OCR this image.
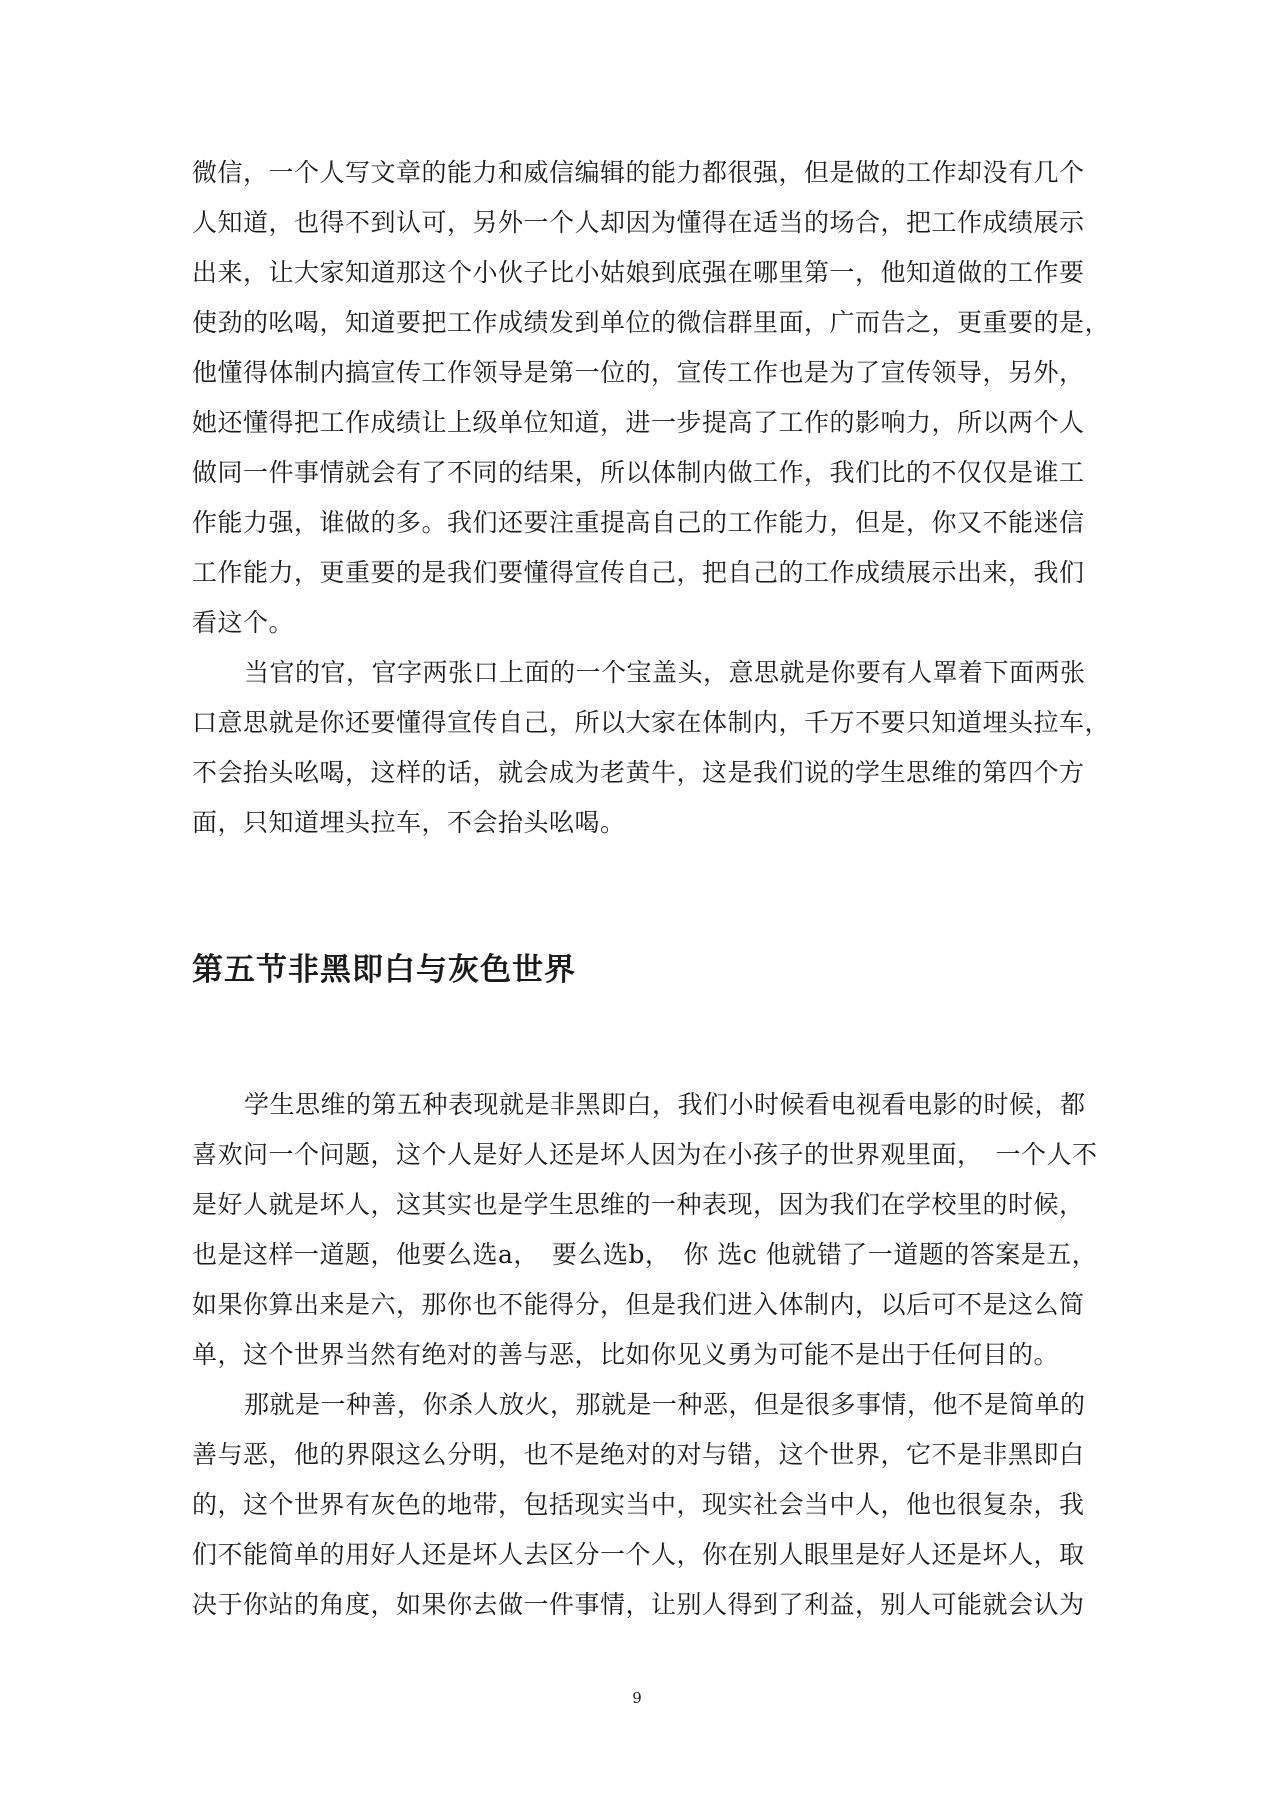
微信，一个人写文章的能力和威信编辑的能力都很强，但是做的工作却没有几个
人知道，也得不到认可，另外一个人却因为懂得在适当的场合，把工作成绩展示
出来，让大家知道那这个小伙子比小姑娘到底强在哪里第一，他知道做的工作要
使劲的吆喝，知道要把工作成绩发到单位的微信群里面，广而告之，更重要的是，
他懂得体制内搞宣传工作领导是第一位的，宣传工作也是为了宣传领导，另外，
她还懂得把工作成绩让上级单位知道，进一步提高了工作的影响力，所以两个人
做同一件事情就会有了不同的结果，所以体制内做工作，我们比的不仅仅是谁工
作能力强，谁做的多。我们还要注重提高自己的工作能力，但是，你又不能迷信
工作能力，更重要的是我们要懂得宣传自己，把自己的工作成绩展示出来，我们
看这个。
当官的官，官字两张口上面的一个宝盖头，意思就是你要有人罩着下面两张
口意思就是你还要懂得宣传自己，所以大家在体制内，千万不要只知道埋头拉车，
不会抬头吆喝，这样的话，就会成为老黄牛，这是我们说的学生思维的第四个方
面，只知道埋头拉车，不会抬头吆喝。
第五节非黑即白与灰色世界
学生思维的第五种表现就是非黑即白，我们小时候看电视看电影的时候，都
喜欢问一个问题，这个人是好人还是坏人因为在小孩子的世界观里面，　一个人不
是好人就是坏人，这其实也是学生思维的一种表现，因为我们在学校里的时候，
也是这样一道题，他要么选a，　要么选b，　你 选c 他就错了一道题的答案是五，
如果你算出来是六，那你也不能得分，但是我们进入体制内，以后可不是这么简
单，这个世界当然有绝对的善与恶，比如你见义勇为可能不是出于任何目的。
那就是一种善，你杀人放火，那就是一种恶，但是很多事情，他不是简单的
善与恶，他的界限这么分明，也不是绝对的对与错，这个世界，它不是非黑即白
的，这个世界有灰色的地带，包括现实当中，现实社会当中人，他也很复杂，我
们不能简单的用好人还是坏人去区分一个人，你在别人眼里是好人还是坏人，取
决于你站的角度，如果你去做一件事情，让别人得到了利益，别人可能就会认为
9
